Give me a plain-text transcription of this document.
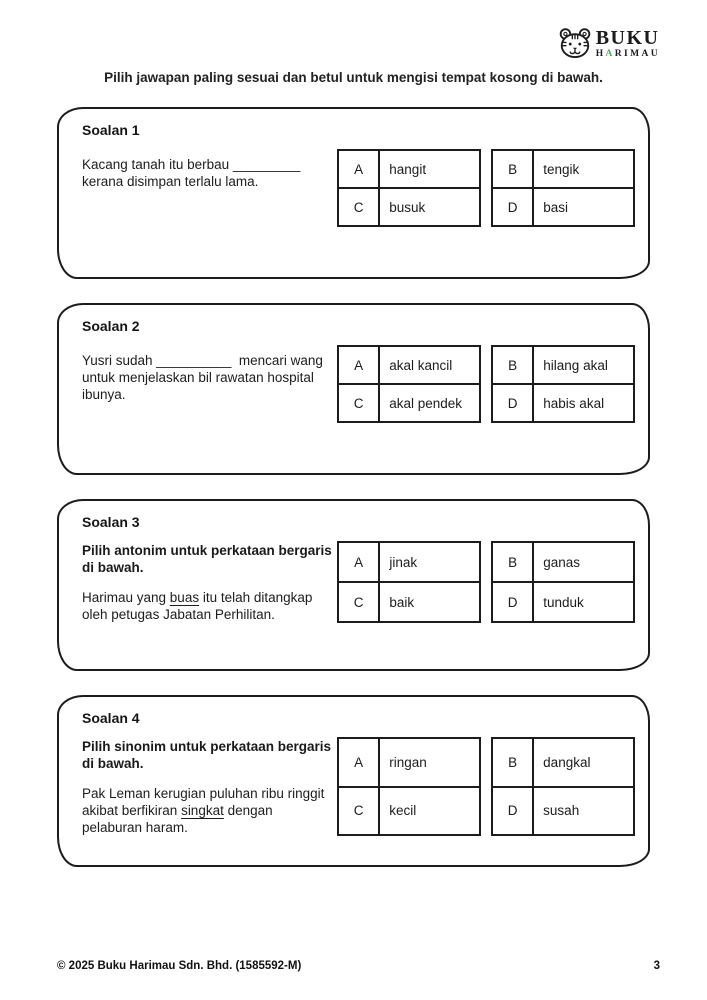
BUKU
HARIMAU

Pilih jawapan paling sesuai dan betul untuk mengisi tempat kosong di bawah.

Soalan 1

Kacang tanah itu berbau _________ kerana disimpan terlalu lama.

A	hangit
C	busuk
B	tengik
D	basi
Soalan 2

Yusri sudah __________  mencari wang untuk menjelaskan bil rawatan hospital ibunya.

A	akal kancil
C	akal pendek
B	hilang akal
D	habis akal
Soalan 3

Pilih antonim untuk perkataan bergaris di bawah.

Harimau yang buas itu telah ditangkap oleh petugas Jabatan Perhilitan.

A	jinak
C	baik
B	ganas
D	tunduk
Soalan 4

Pilih sinonim untuk perkataan bergaris di bawah.

Pak Leman kerugian puluhan ribu ringgit akibat berfikiran singkat dengan pelaburan haram.

A	ringan
C	kecil
B	dangkal
D	susah
© 2025 Buku Harimau Sdn. Bhd. (1585592-M)	3
